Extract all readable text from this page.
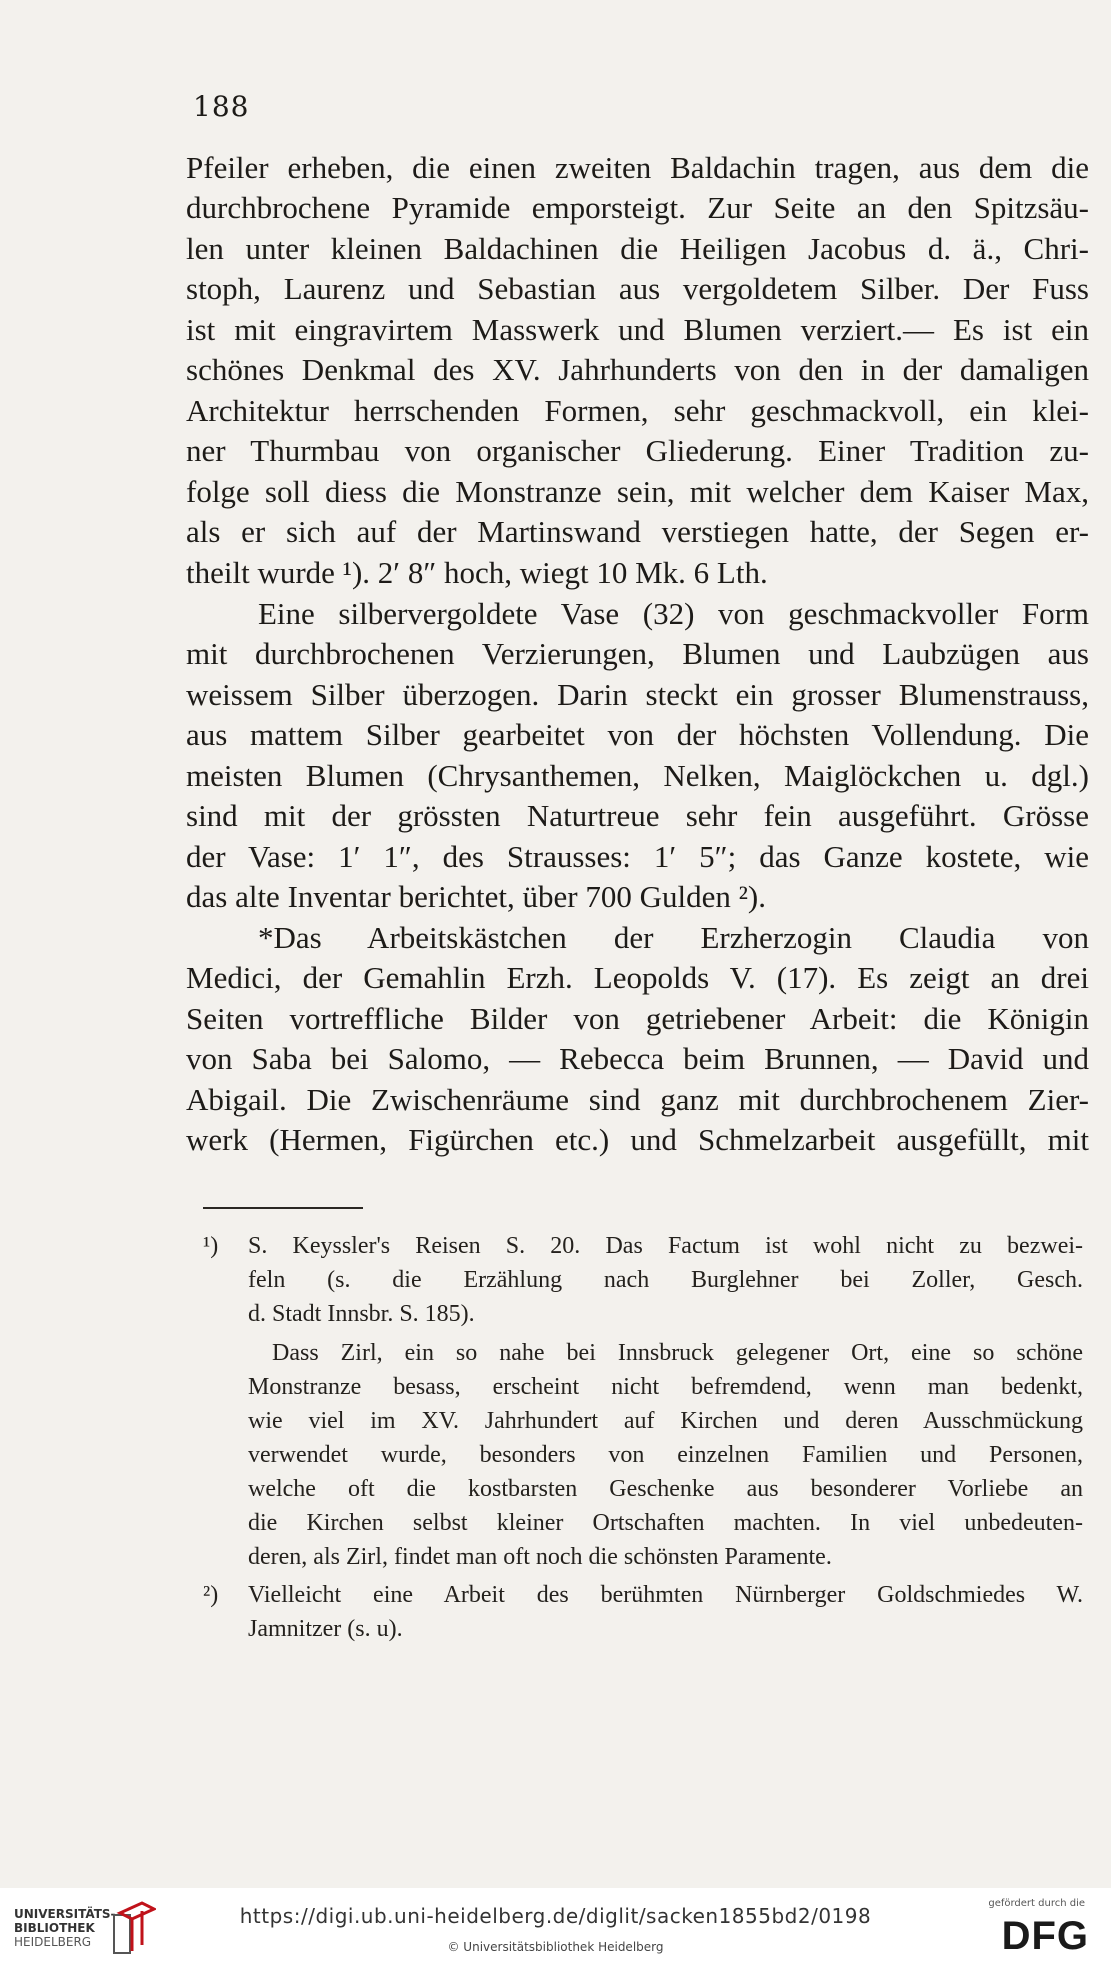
188
Pfeiler erheben, die einen zweiten Baldachin tragen, aus dem die
durchbrochene Pyramide emporsteigt. Zur Seite an den Spitzsäu-
len unter kleinen Baldachinen die Heiligen Jacobus d. ä., Chri-
stoph, Laurenz und Sebastian aus vergoldetem Silber. Der Fuss
ist mit eingravirtem Masswerk und Blumen verziert.— Es ist ein
schönes Denkmal des XV. Jahrhunderts von den in der damaligen
Architektur herrschenden Formen, sehr geschmackvoll, ein klei-
ner Thurmbau von organischer Gliederung. Einer Tradition zu-
folge soll diess die Monstranze sein, mit welcher dem Kaiser Max,
als er sich auf der Martinswand verstiegen hatte, der Segen er-
theilt wurde ¹). 2′ 8″ hoch, wiegt 10 Mk. 6 Lth.
Eine silbervergoldete Vase (32) von geschmackvoller Form
mit durchbrochenen Verzierungen, Blumen und Laubzügen aus
weissem Silber überzogen. Darin steckt ein grosser Blumenstrauss,
aus mattem Silber gearbeitet von der höchsten Vollendung. Die
meisten Blumen (Chrysanthemen, Nelken, Maiglöckchen u. dgl.)
sind mit der grössten Naturtreue sehr fein ausgeführt. Grösse
der Vase: 1′ 1″, des Strausses: 1′ 5″; das Ganze kostete, wie
das alte Inventar berichtet, über 700 Gulden ²).
*Das Arbeitskästchen der Erzherzogin Claudia von
Medici, der Gemahlin Erzh. Leopolds V. (17). Es zeigt an drei
Seiten vortreffliche Bilder von getriebener Arbeit: die Königin
von Saba bei Salomo, — Rebecca beim Brunnen, — David und
Abigail. Die Zwischenräume sind ganz mit durchbrochenem Zier-
werk (Hermen, Figürchen etc.) und Schmelzarbeit ausgefüllt, mit
¹) S. Keyssler's Reisen S. 20. Das Factum ist wohl nicht zu bezwei-
feln (s. die Erzählung nach Burglehner bei Zoller, Gesch.
d. Stadt Innsbr. S. 185).
Dass Zirl, ein so nahe bei Innsbruck gelegener Ort, eine so schöne
Monstranze besass, erscheint nicht befremdend, wenn man bedenkt,
wie viel im XV. Jahrhundert auf Kirchen und deren Ausschmückung
verwendet wurde, besonders von einzelnen Familien und Personen,
welche oft die kostbarsten Geschenke aus besonderer Vorliebe an
die Kirchen selbst kleiner Ortschaften machten. In viel unbedeuten-
deren, als Zirl, findet man oft noch die schönsten Paramente.
²) Vielleicht eine Arbeit des berühmten Nürnberger Goldschmiedes W.
Jamnitzer (s. u).
UNIVERSITÄTS-
BIBLIOTHEK
HEIDELBERG
https://digi.ub.uni-heidelberg.de/diglit/sacken1855bd2/0198
© Universitätsbibliothek Heidelberg
gefördert durch die
DFG
